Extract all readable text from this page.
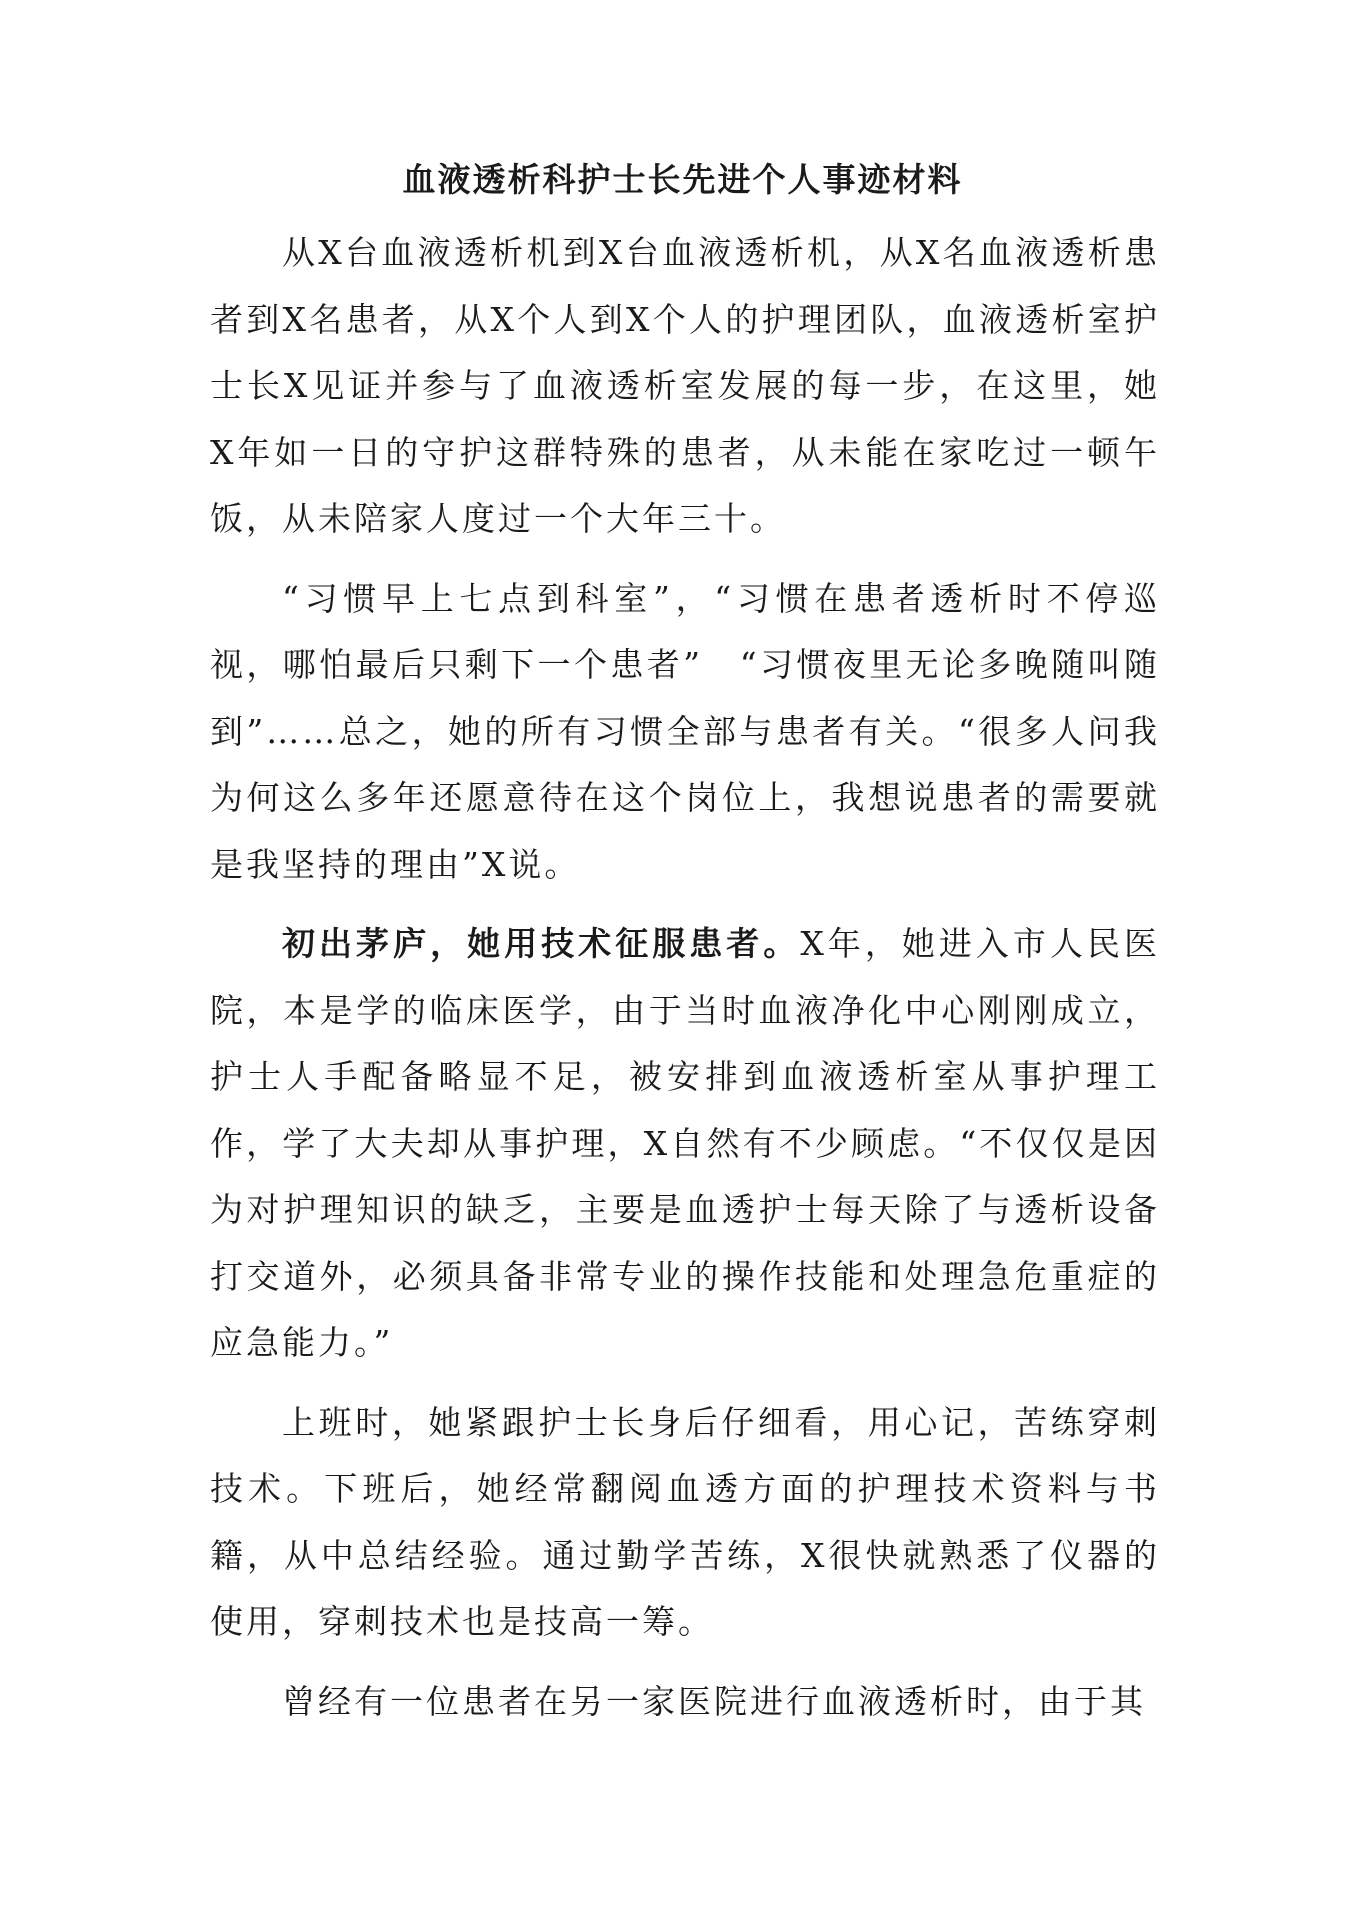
血液透析科护士长先进个人事迹材料

从X台血液透析机到X台血液透析机，从X名血液透析患者到X名患者，从X个人到X个人的护理团队，血液透析室护士长X见证并参与了血液透析室发展的每一步，在这里，她X年如一日的守护这群特殊的患者，从未能在家吃过一顿午饭，从未陪家人度过一个大年三十。

“习惯早上七点到科室”，“习惯在患者透析时不停巡视，哪怕最后只剩下一个患者”　“习惯夜里无论多晚随叫随到”……总之，她的所有习惯全部与患者有关。“很多人问我为何这么多年还愿意待在这个岗位上，我想说患者的需要就是我坚持的理由”X说。

初出茅庐，她用技术征服患者。X年，她进入市人民医院，本是学的临床医学，由于当时血液净化中心刚刚成立，护士人手配备略显不足，被安排到血液透析室从事护理工作，学了大夫却从事护理，X自然有不少顾虑。“不仅仅是因为对护理知识的缺乏，主要是血透护士每天除了与透析设备打交道外，必须具备非常专业的操作技能和处理急危重症的应急能力。”

上班时，她紧跟护士长身后仔细看，用心记，苦练穿刺技术。下班后，她经常翻阅血透方面的护理技术资料与书籍，从中总结经验。通过勤学苦练，X很快就熟悉了仪器的使用，穿刺技术也是技高一筹。

曾经有一位患者在另一家医院进行血液透析时，由于其
